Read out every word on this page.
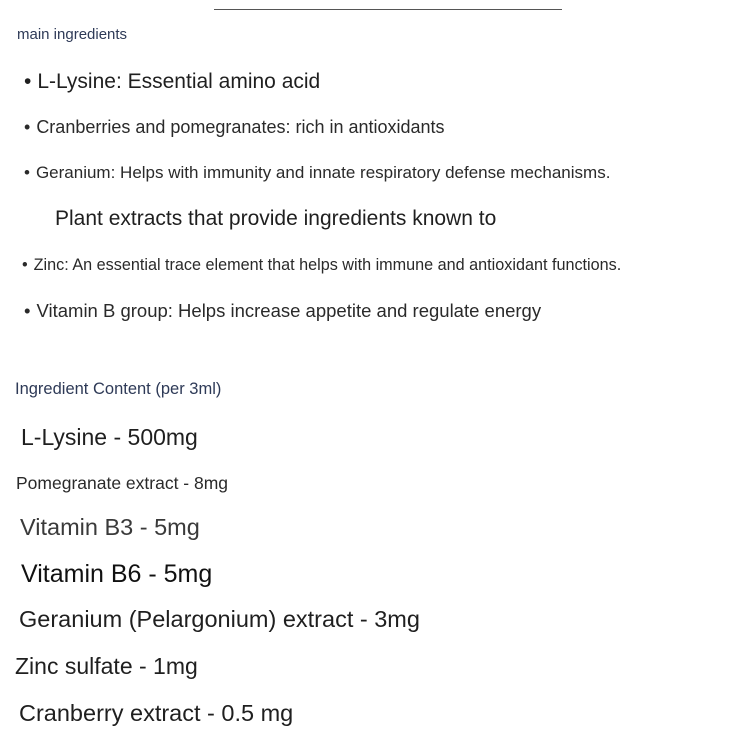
main ingredients
• L-Lysine: Essential amino acid
• Cranberries and pomegranates: rich in antioxidants
• Geranium: Helps with immunity and innate respiratory defense mechanisms.
Plant extracts that provide ingredients known to
• Zinc: An essential trace element that helps with immune and antioxidant functions.
• Vitamin B group: Helps increase appetite and regulate energy
Ingredient Content (per 3ml)
L-Lysine - 500mg
Pomegranate extract - 8mg
Vitamin B3 - 5mg
Vitamin B6 - 5mg
Geranium (Pelargonium) extract - 3mg
Zinc sulfate - 1mg
Cranberry extract - 0.5 mg
